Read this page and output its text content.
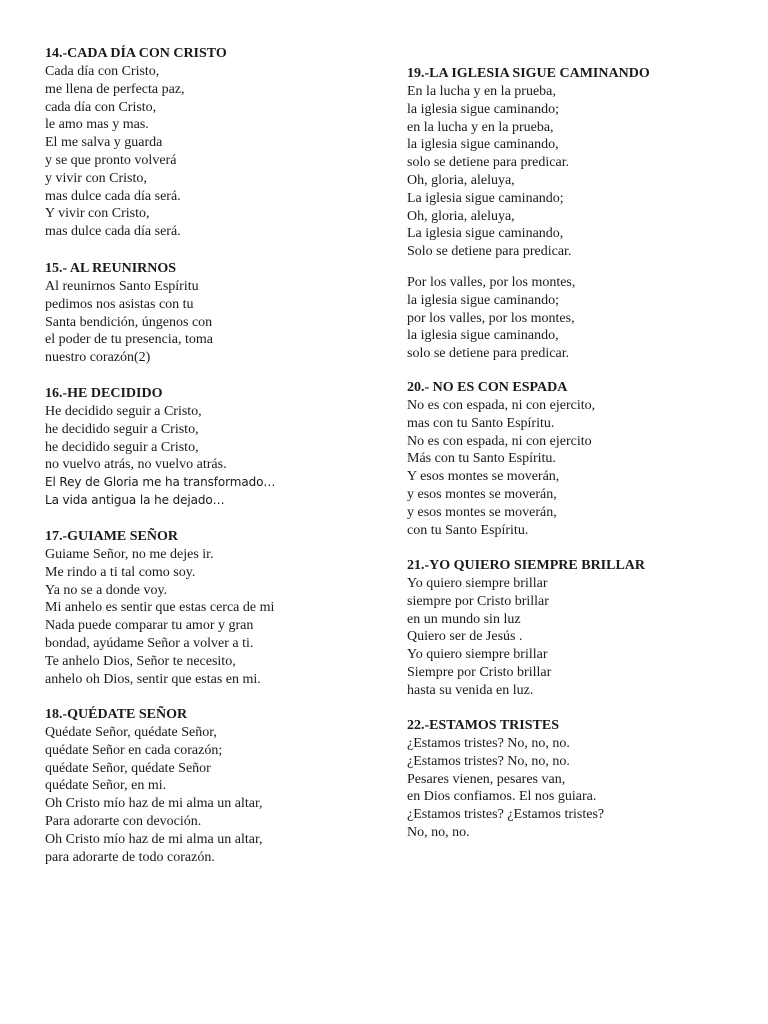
14.-CADA DÍA CON CRISTO
Cada día con Cristo,
me llena de perfecta paz,
cada día con Cristo,
le amo mas y mas.
El me salva y guarda
y se que pronto volverá
y vivir con Cristo,
mas dulce cada día será.
Y vivir con Cristo,
mas dulce cada día será.
15.- AL REUNIRNOS
Al reunirnos Santo Espíritu
pedimos nos asistas con tu
Santa bendición, úngenos con
el poder de tu presencia, toma
nuestro corazón(2)
16.-HE DECIDIDO
He decidido seguir a Cristo,
he decidido seguir a Cristo,
he decidido seguir a Cristo,
no vuelvo atrás, no vuelvo atrás.
El Rey de Gloria me ha transformado…
La vida antigua la he dejado…
17.-GUIAME SEÑOR
Guiame Señor, no me dejes ir.
Me rindo a ti tal como soy.
Ya no se a donde voy.
Mi anhelo es sentir que estas cerca de mi
Nada puede comparar tu amor y gran
bondad, ayúdame Señor a volver a ti.
Te anhelo Dios, Señor te necesito,
anhelo oh Dios, sentir que estas en mi.
18.-QUÉDATE SEÑOR
Quédate Señor, quédate Señor,
quédate Señor en cada corazón;
quédate Señor, quédate Señor
quédate Señor, en mi.
Oh Cristo mío haz de mi alma un altar,
Para adorarte con devoción.
Oh Cristo mío haz de mi alma un altar,
para adorarte de todo corazón.
19.-LA IGLESIA SIGUE CAMINANDO
En la lucha y en la prueba,
la iglesia sigue caminando;
en la lucha y en la prueba,
la iglesia sigue caminando,
solo se detiene para predicar.
Oh, gloria, aleluya,
La iglesia sigue caminando;
Oh, gloria, aleluya,
La iglesia sigue caminando,
Solo se detiene para predicar.
Por los valles, por los montes,
la iglesia sigue caminando;
por los valles, por los montes,
la iglesia sigue caminando,
solo se detiene para predicar.
20.- NO ES CON ESPADA
No es con espada, ni con ejercito,
mas con tu Santo Espíritu.
No es con espada, ni con ejercito
Más con tu Santo Espíritu.
Y esos montes se moverán,
y esos montes se moverán,
y esos montes se moverán,
con tu Santo Espíritu.
21.-YO QUIERO SIEMPRE BRILLAR
Yo quiero siempre brillar
siempre por Cristo brillar
en un mundo sin luz
Quiero ser de Jesús .
Yo quiero siempre brillar
Siempre por Cristo brillar
hasta su venida en luz.
22.-ESTAMOS TRISTES
¿Estamos tristes? No, no, no.
¿Estamos tristes? No, no, no.
Pesares vienen, pesares van,
en Dios confiamos. El nos guiara.
¿Estamos tristes? ¿Estamos tristes?
No, no, no.
